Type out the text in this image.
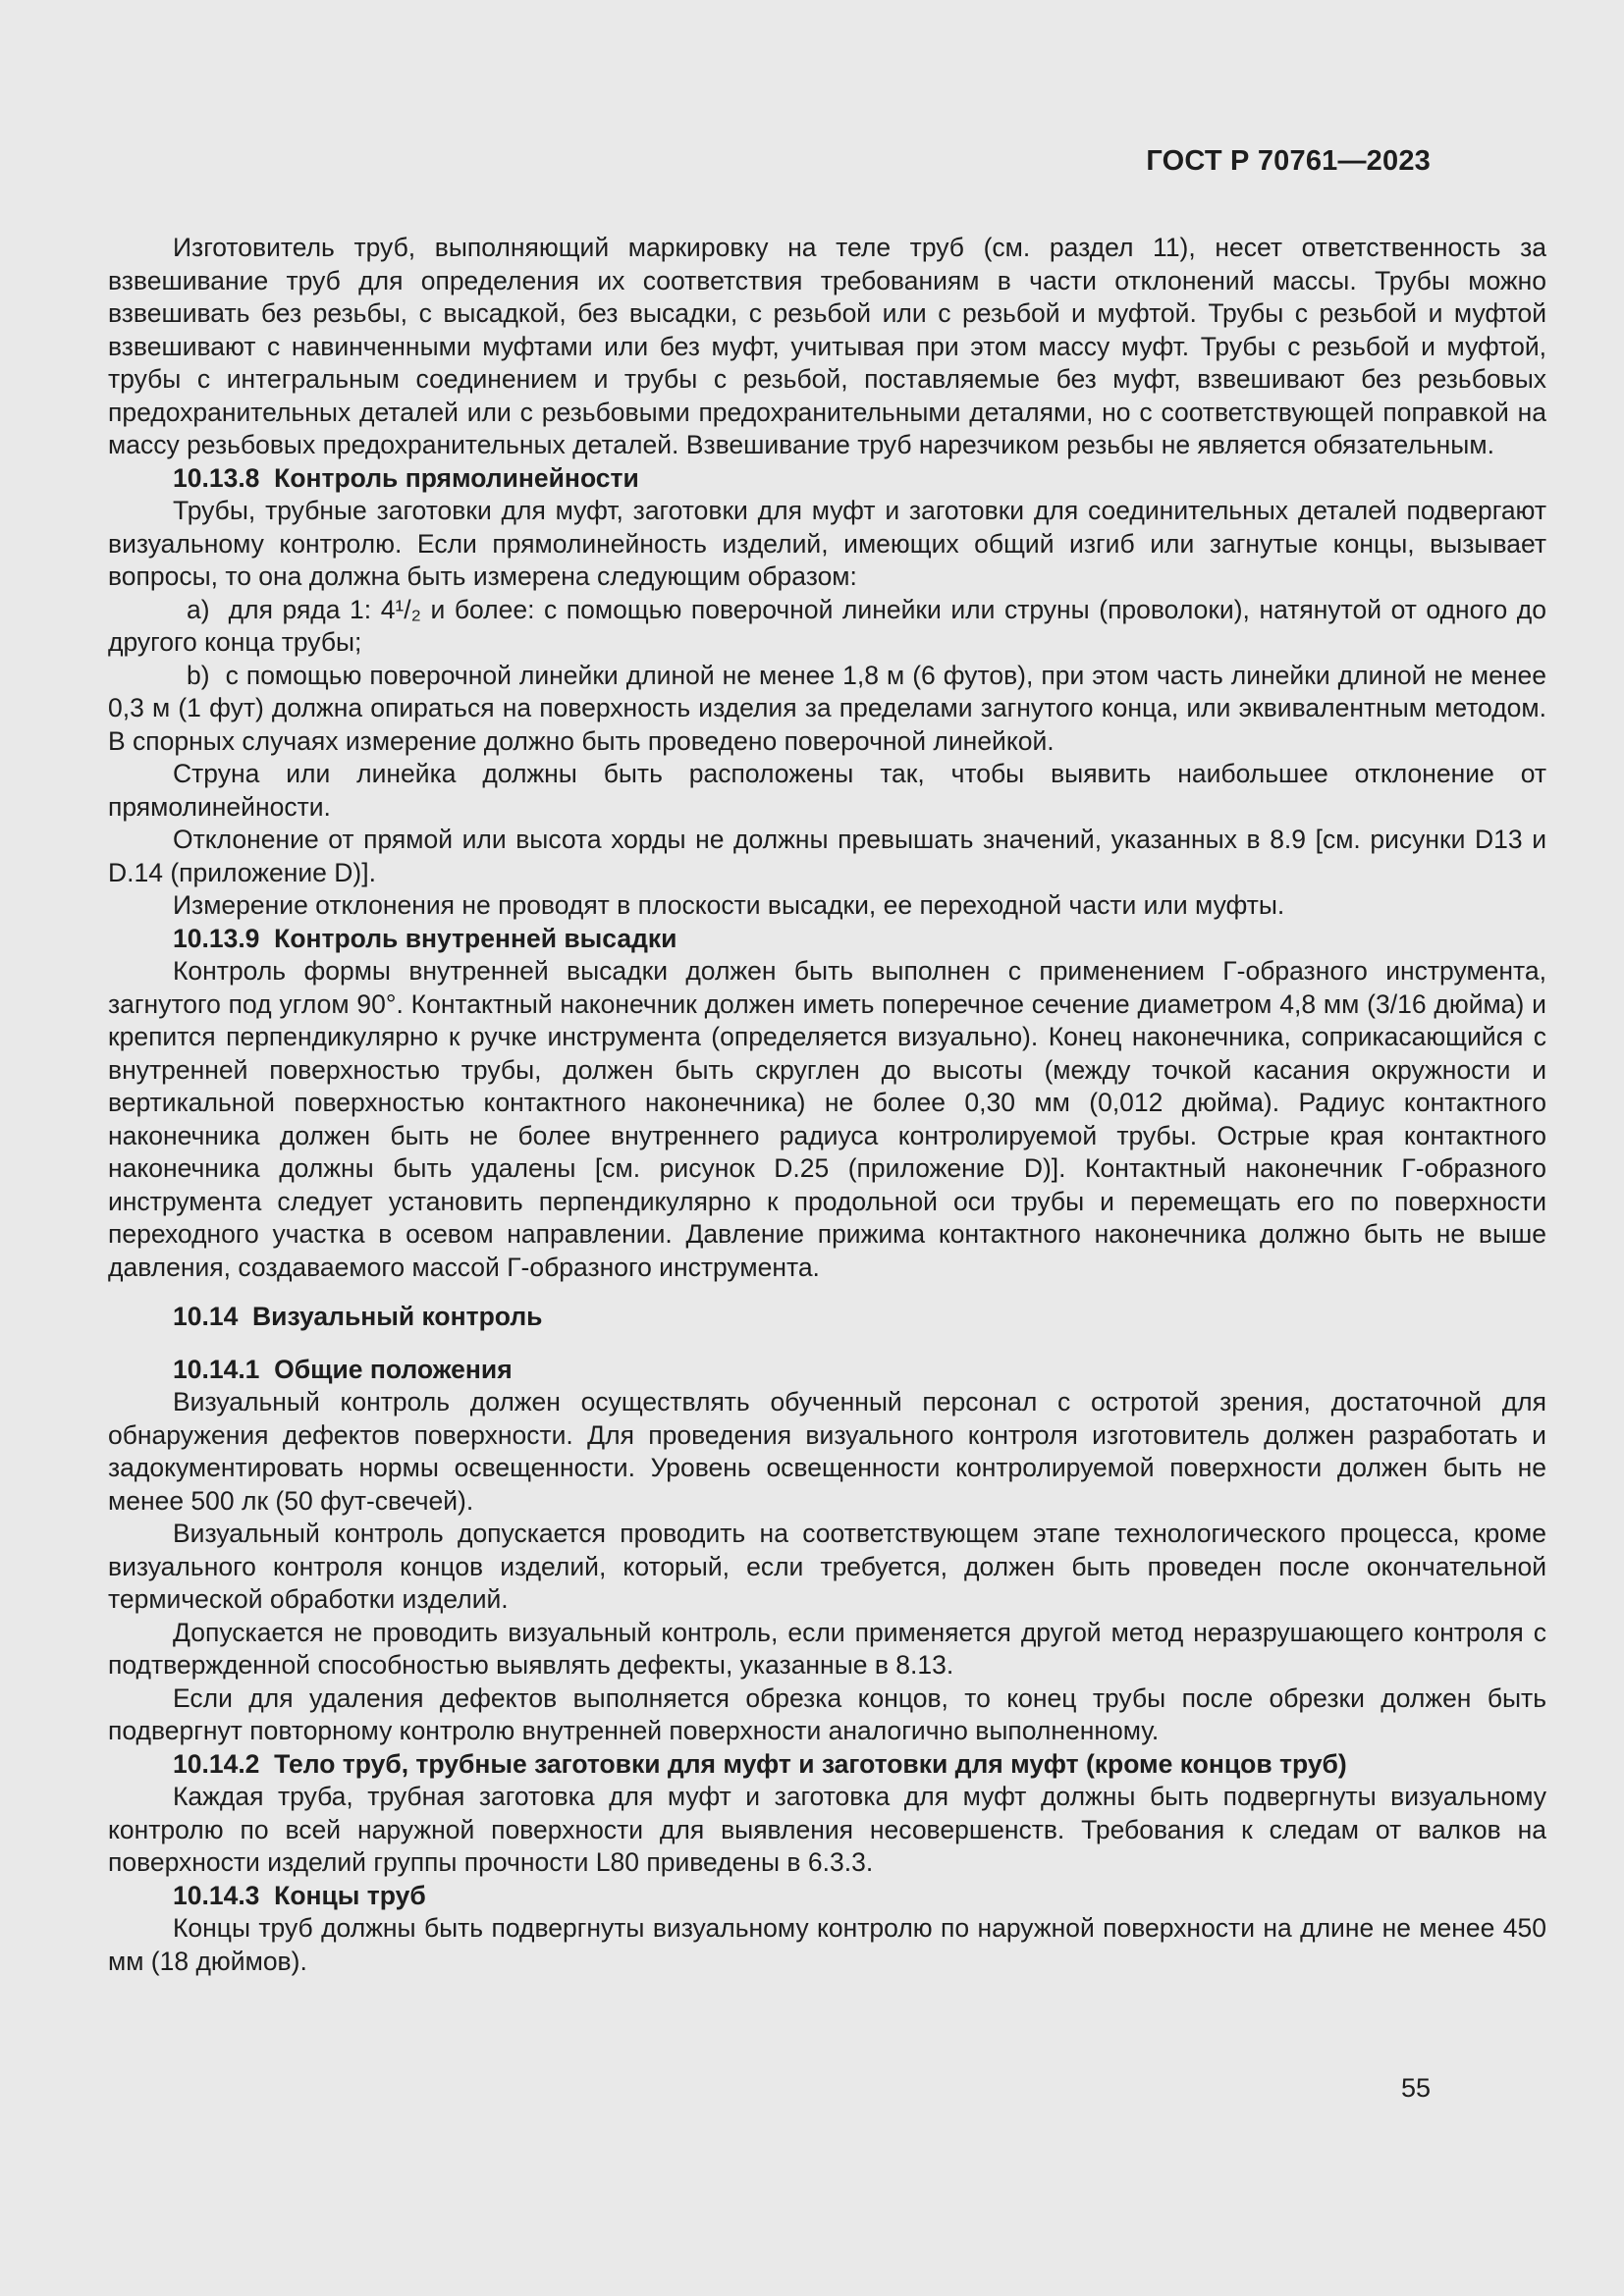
ГОСТ Р 70761—2023

Изготовитель труб, выполняющий маркировку на теле труб (см. раздел 11), несет ответственность за взвешивание труб для определения их соответствия требованиям в части отклонений массы. Трубы можно взвешивать без резьбы, с высадкой, без высадки, с резьбой или с резьбой и муфтой. Трубы с резьбой и муфтой взвешивают с навинченными муфтами или без муфт, учитывая при этом массу муфт. Трубы с резьбой и муфтой, трубы с интегральным соединением и трубы с резьбой, поставляемые без муфт, взвешивают без резьбовых предохранительных деталей или с резьбовыми предохранительными деталями, но с соответствующей поправкой на массу резьбовых предохранительных деталей. Взвешивание труб нарезчиком резьбы не является обязательным.

10.13.8  Контроль прямолинейности

Трубы, трубные заготовки для муфт, заготовки для муфт и заготовки для соединительных деталей подвергают визуальному контролю. Если прямолинейность изделий, имеющих общий изгиб или загнутые концы, вызывает вопросы, то она должна быть измерена следующим образом:

a)  для ряда 1: 4¹/₂ и более: с помощью поверочной линейки или струны (проволоки), натянутой от одного до другого конца трубы;

b)  с помощью поверочной линейки длиной не менее 1,8 м (6 футов), при этом часть линейки длиной не менее 0,3 м (1 фут) должна опираться на поверхность изделия за пределами загнутого конца, или эквивалентным методом. В спорных случаях измерение должно быть проведено поверочной линейкой.

Струна или линейка должны быть расположены так, чтобы выявить наибольшее отклонение от прямолинейности.

Отклонение от прямой или высота хорды не должны превышать значений, указанных в 8.9 [см. рисунки D13 и D.14 (приложение D)].

Измерение отклонения не проводят в плоскости высадки, ее переходной части или муфты.

10.13.9  Контроль внутренней высадки

Контроль формы внутренней высадки должен быть выполнен с применением Г-образного инструмента, загнутого под углом 90°. Контактный наконечник должен иметь поперечное сечение диаметром 4,8 мм (3/16 дюйма) и крепится перпендикулярно к ручке инструмента (определяется визуально). Конец наконечника, соприкасающийся с внутренней поверхностью трубы, должен быть скруглен до высоты (между точкой касания окружности и вертикальной поверхностью контактного наконечника) не более 0,30 мм (0,012 дюйма). Радиус контактного наконечника должен быть не более внутреннего радиуса контролируемой трубы. Острые края контактного наконечника должны быть удалены [см. рисунок D.25 (приложение D)]. Контактный наконечник Г-образного инструмента следует установить перпендикулярно к продольной оси трубы и перемещать его по поверхности переходного участка в осевом направлении. Давление прижима контактного наконечника должно быть не выше давления, создаваемого массой Г-образного инструмента.

10.14  Визуальный контроль

10.14.1  Общие положения

Визуальный контроль должен осуществлять обученный персонал с остротой зрения, достаточной для обнаружения дефектов поверхности. Для проведения визуального контроля изготовитель должен разработать и задокументировать нормы освещенности. Уровень освещенности контролируемой поверхности должен быть не менее 500 лк (50 фут-свечей).

Визуальный контроль допускается проводить на соответствующем этапе технологического процесса, кроме визуального контроля концов изделий, который, если требуется, должен быть проведен после окончательной термической обработки изделий.

Допускается не проводить визуальный контроль, если применяется другой метод неразрушающего контроля с подтвержденной способностью выявлять дефекты, указанные в 8.13.

Если для удаления дефектов выполняется обрезка концов, то конец трубы после обрезки должен быть подвергнут повторному контролю внутренней поверхности аналогично выполненному.

10.14.2  Тело труб, трубные заготовки для муфт и заготовки для муфт (кроме концов труб)

Каждая труба, трубная заготовка для муфт и заготовка для муфт должны быть подвергнуты визуальному контролю по всей наружной поверхности для выявления несовершенств. Требования к следам от валков на поверхности изделий группы прочности L80 приведены в 6.3.3.

10.14.3  Концы труб

Концы труб должны быть подвергнуты визуальному контролю по наружной поверхности на длине не менее 450 мм (18 дюймов).

55
